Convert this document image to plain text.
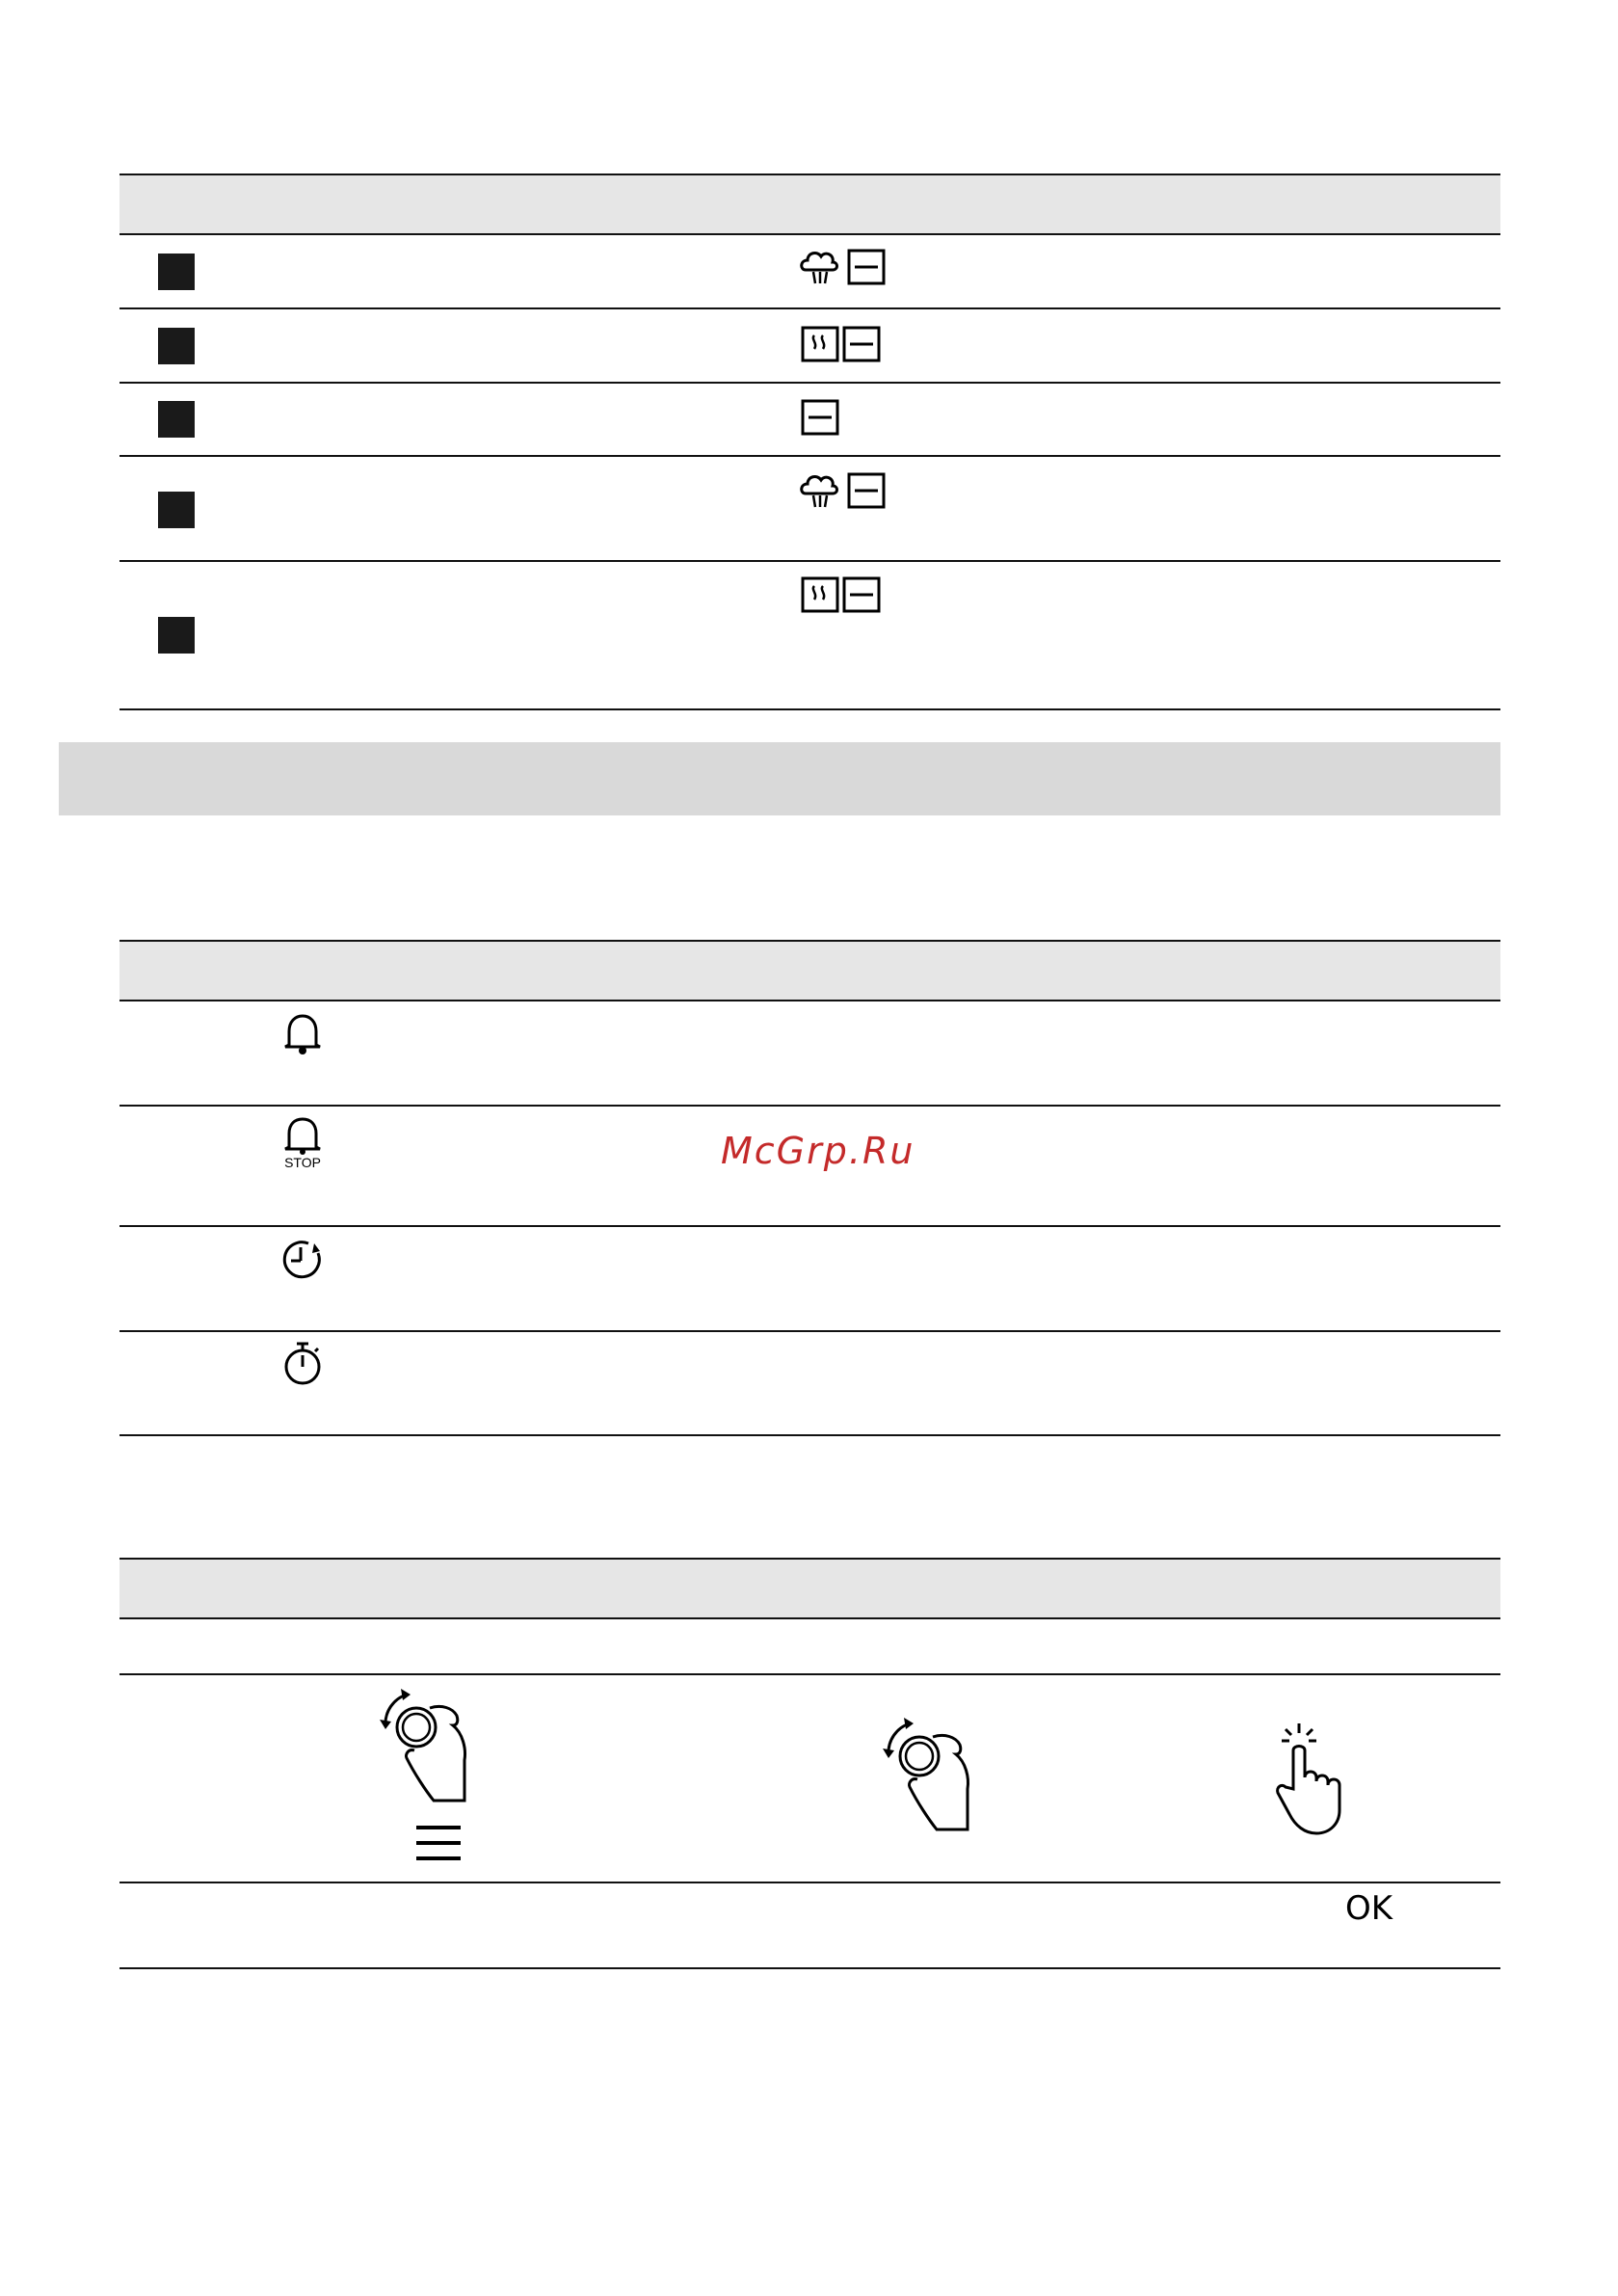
STOP	McGrp.Ru
OK
